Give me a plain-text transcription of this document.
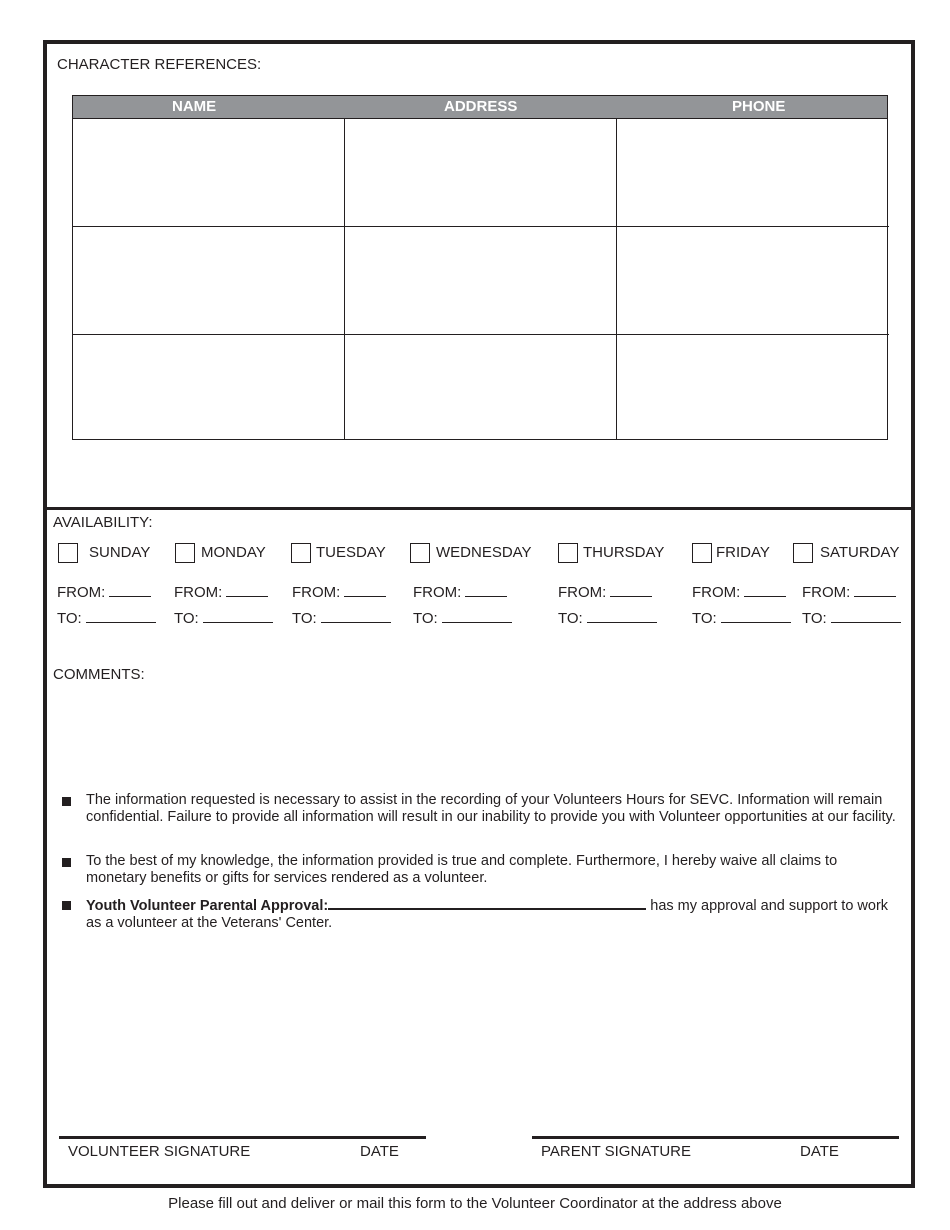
CHARACTER REFERENCES:
NAME	ADDRESS	PHONE
AVAILABILITY:
SUNDAY	MONDAY	TUESDAY	WEDNESDAY	THURSDAY	FRIDAY	SATURDAY
FROM:	FROM:	FROM:	FROM:	FROM:	FROM:	FROM:
TO:	TO:	TO:	TO:	TO:	TO:	TO:
COMMENTS:
The information requested is necessary to assist in the recording of your Volunteers Hours for SEVC. Information will remain confidential. Failure to provide all information will result in our inability to provide you with Volunteer opportunities at our facility.
To the best of my knowledge, the information provided is true and complete. Furthermore, I hereby waive all claims to monetary benefits or gifts for services rendered as a volunteer.
Youth Volunteer Parental Approval:	has my approval and support to work as a volunteer at the Veterans' Center.
VOLUNTEER SIGNATURE	DATE	PARENT SIGNATURE	DATE
Please fill out and deliver or mail this form to the Volunteer Coordinator at the address above
